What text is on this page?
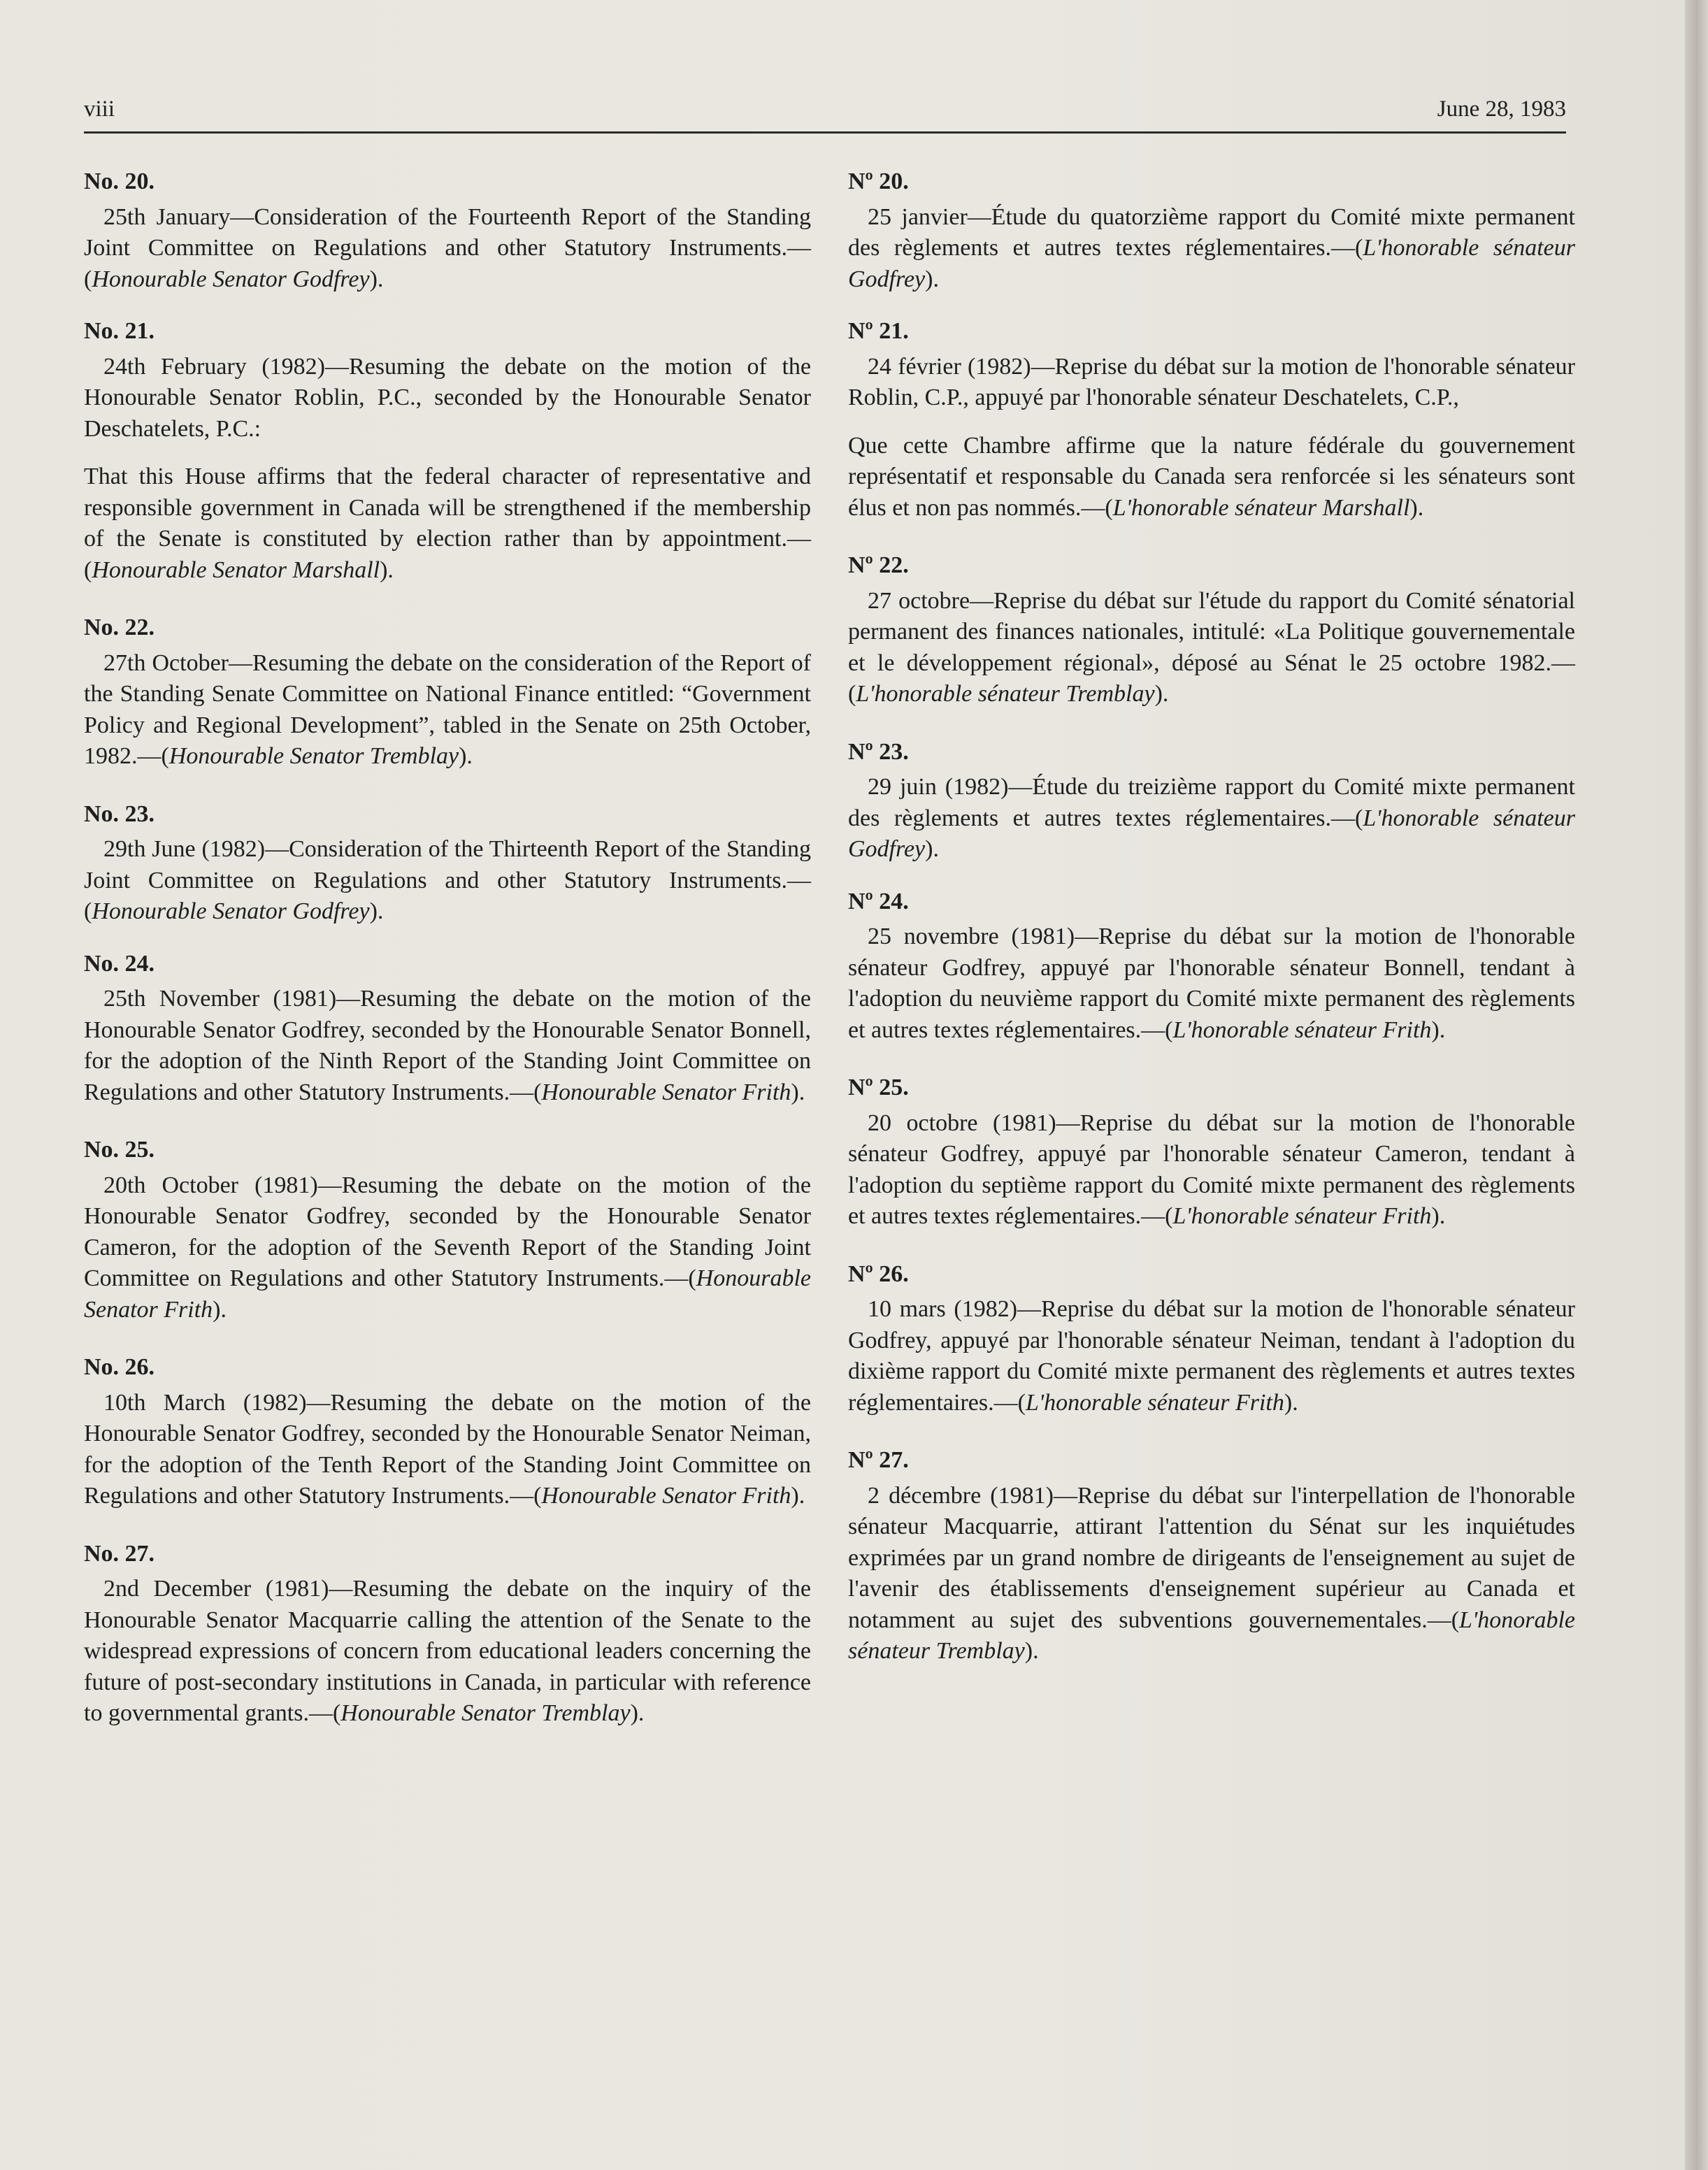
viii	June 28, 1983
No. 20.

25th January—Consideration of the Fourteenth Report of the Standing Joint Committee on Regulations and other Statutory Instruments.—(Honourable Senator Godfrey).

No. 21.

24th February (1982)—Resuming the debate on the motion of the Honourable Senator Roblin, P.C., seconded by the Honourable Senator Deschatelets, P.C.:

That this House affirms that the federal character of representative and responsible government in Canada will be strengthened if the membership of the Senate is constituted by election rather than by appointment.—(Honourable Senator Marshall).

No. 22.

27th October—Resuming the debate on the consideration of the Report of the Standing Senate Committee on National Finance entitled: “Government Policy and Regional Development”, tabled in the Senate on 25th October, 1982.—(Honourable Senator Tremblay).

No. 23.

29th June (1982)—Consideration of the Thirteenth Report of the Standing Joint Committee on Regulations and other Statutory Instruments.—(Honourable Senator Godfrey).

No. 24.

25th November (1981)—Resuming the debate on the motion of the Honourable Senator Godfrey, seconded by the Honourable Senator Bonnell, for the adoption of the Ninth Report of the Standing Joint Committee on Regulations and other Statutory Instruments.—(Honourable Senator Frith).

No. 25.

20th October (1981)—Resuming the debate on the motion of the Honourable Senator Godfrey, seconded by the Honourable Senator Cameron, for the adoption of the Seventh Report of the Standing Joint Committee on Regulations and other Statutory Instruments.—(Honourable Senator Frith).

No. 26.

10th March (1982)—Resuming the debate on the motion of the Honourable Senator Godfrey, seconded by the Honourable Senator Neiman, for the adoption of the Tenth Report of the Standing Joint Committee on Regulations and other Statutory Instruments.—(Honourable Senator Frith).

No. 27.

2nd December (1981)—Resuming the debate on the inquiry of the Honourable Senator Macquarrie calling the attention of the Senate to the widespread expressions of concern from educational leaders concerning the future of post-secondary institutions in Canada, in particular with reference to governmental grants.—(Honourable Senator Tremblay).

Nº 20.

25 janvier—Étude du quatorzième rapport du Comité mixte permanent des règlements et autres textes réglementaires.—(L'honorable sénateur Godfrey).

Nº 21.

24 février (1982)—Reprise du débat sur la motion de l'honorable sénateur Roblin, C.P., appuyé par l'honorable sénateur Deschatelets, C.P.,

Que cette Chambre affirme que la nature fédérale du gouvernement représentatif et responsable du Canada sera renforcée si les sénateurs sont élus et non pas nommés.—(L'honorable sénateur Marshall).

Nº 22.

27 octobre—Reprise du débat sur l'étude du rapport du Comité sénatorial permanent des finances nationales, intitulé: «La Politique gouvernementale et le développement régional», déposé au Sénat le 25 octobre 1982.—(L'honorable sénateur Tremblay).

Nº 23.

29 juin (1982)—Étude du treizième rapport du Comité mixte permanent des règlements et autres textes réglementaires.—(L'honorable sénateur Godfrey).

Nº 24.

25 novembre (1981)—Reprise du débat sur la motion de l'honorable sénateur Godfrey, appuyé par l'honorable sénateur Bonnell, tendant à l'adoption du neuvième rapport du Comité mixte permanent des règlements et autres textes réglementaires.—(L'honorable sénateur Frith).

Nº 25.

20 octobre (1981)—Reprise du débat sur la motion de l'honorable sénateur Godfrey, appuyé par l'honorable sénateur Cameron, tendant à l'adoption du septième rapport du Comité mixte permanent des règlements et autres textes réglementaires.—(L'honorable sénateur Frith).

Nº 26.

10 mars (1982)—Reprise du débat sur la motion de l'honorable sénateur Godfrey, appuyé par l'honorable sénateur Neiman, tendant à l'adoption du dixième rapport du Comité mixte permanent des règlements et autres textes réglementaires.—(L'honorable sénateur Frith).

Nº 27.

2 décembre (1981)—Reprise du débat sur l'interpellation de l'honorable sénateur Macquarrie, attirant l'attention du Sénat sur les inquiétudes exprimées par un grand nombre de dirigeants de l'enseignement au sujet de l'avenir des établissements d'enseignement supérieur au Canada et notamment au sujet des subventions gouvernementales.—(L'honorable sénateur Tremblay).
